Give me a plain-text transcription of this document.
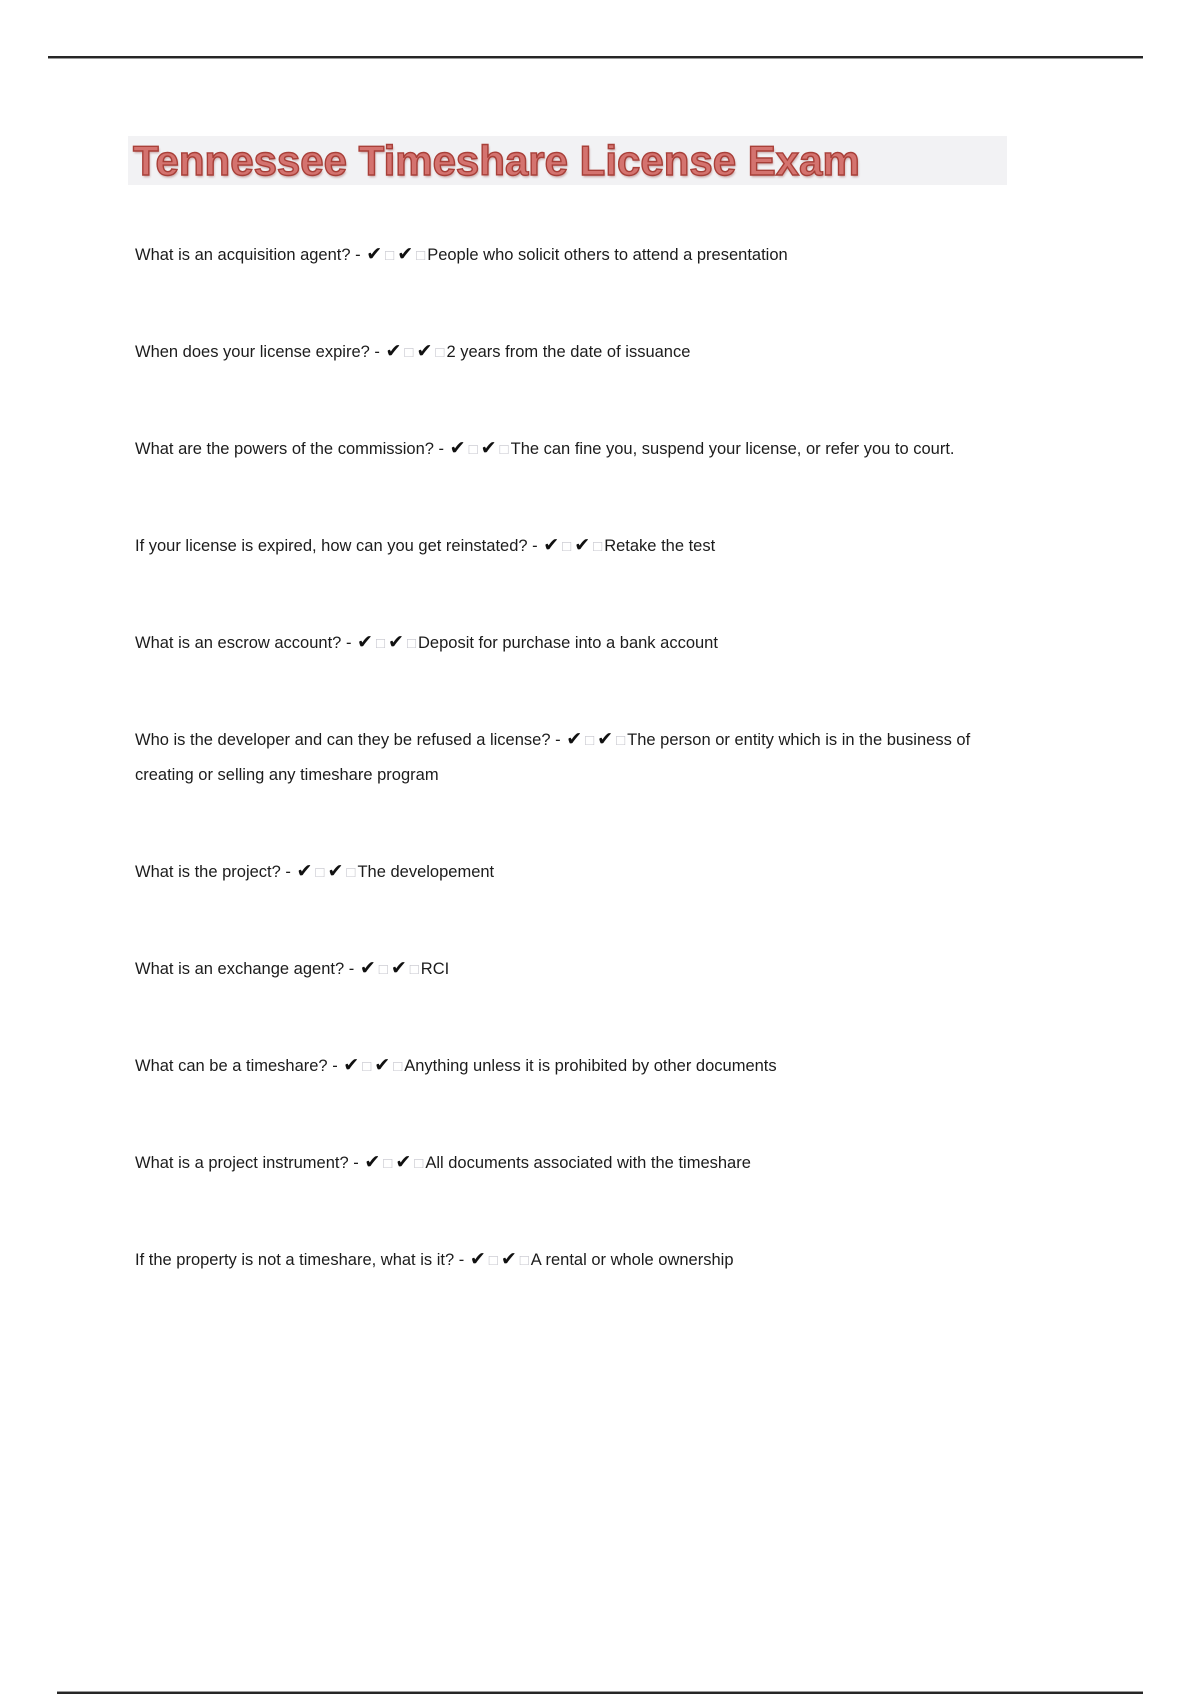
Tennessee Timeshare License Exam
What is an acquisition agent? - ✔ □ ✔ □ People who solicit others to attend a presentation
When does your license expire? - ✔ □ ✔ □ 2 years from the date of issuance
What are the powers of the commission? - ✔ □ ✔ □ The can fine you, suspend your license, or refer you to court.
If your license is expired, how can you get reinstated? - ✔ □ ✔ □ Retake the test
What is an escrow account? - ✔ □ ✔ □ Deposit for purchase into a bank account
Who is the developer and can they be refused a license? - ✔ □ ✔ □ The person or entity which is in the business of creating or selling any timeshare program
What is the project? - ✔ □ ✔ □ The developement
What is an exchange agent? - ✔ □ ✔ □ RCI
What can be a timeshare? - ✔ □ ✔ □ Anything unless it is prohibited by other documents
What is a project instrument? - ✔ □ ✔ □ All documents associated with the timeshare
If the property is not a timeshare, what is it? - ✔ □ ✔ □ A rental or whole ownership
